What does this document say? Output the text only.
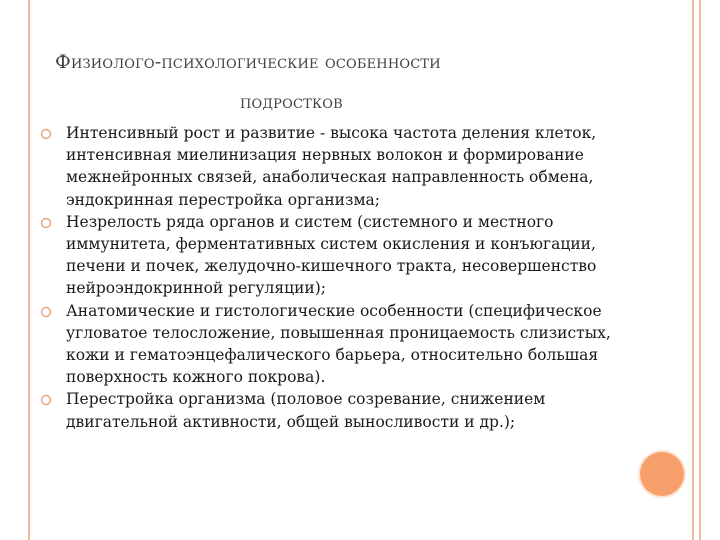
Физиолого-психологические особенности
подростков
Интенсивный рост и развитие - высока частота деления клеток, интенсивная миелинизация нервных волокон и формирование межнейронных связей, анаболическая направленность обмена, эндокринная перестройка организма;
Незрелость ряда органов и систем (системного и местного иммунитета, ферментативных систем окисления и конъюгации, печени и почек, желудочно-кишечного тракта, несовершенство нейроэндокринной регуляции);
Анатомические и гистологические особенности (специфическое угловатое телосложение, повышенная проницаемость слизистых, кожи и гематоэнцефалического барьера, относительно большая поверхность кожного покрова).
Перестройка организма (половое созревание, снижением двигательной активности, общей выносливости и др.);
